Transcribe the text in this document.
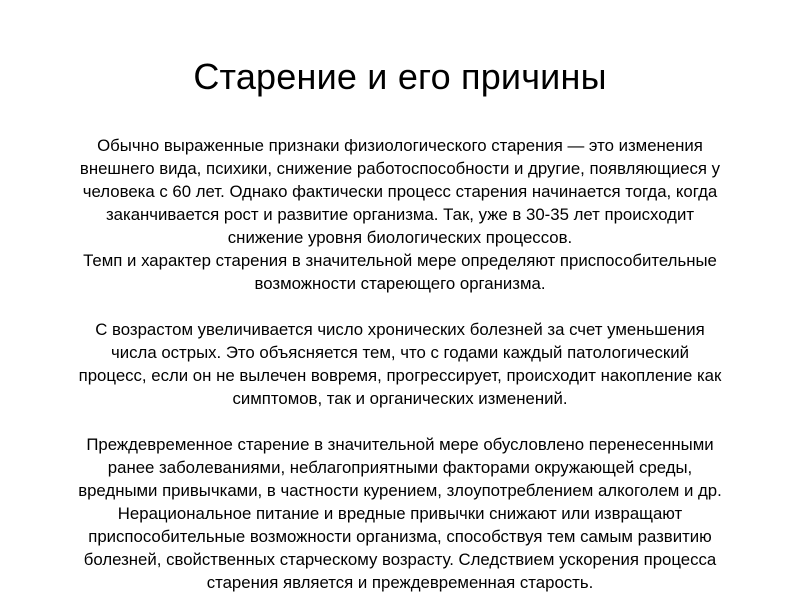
Старение и его причины

Обычно выраженные признаки физиологического старения — это изменения

внешнего вида, психики, снижение работоспособности и другие, появляющиеся у

человека с 60 лет. Однако фактически процесс старения начинается тогда, когда

заканчивается рост и развитие организма. Так, уже в 30-35 лет происходит

снижение уровня биологических процессов.

Темп и характер старения в значительной мере определяют приспособительные

возможности стареющего организма.

С возрастом увеличивается число хронических болезней за счет уменьшения

числа острых. Это объясняется тем, что с годами каждый патологический

процесс, если он не вылечен вовремя, прогрессирует, происходит накопление как

симптомов, так и органических изменений.

Преждевременное старение в значительной мере обусловлено перенесенными

ранее заболеваниями, неблагоприятными факторами окружающей среды,

вредными привычками, в частности курением, злоупотреблением алкоголем и др.

Нерациональное питание и вредные привычки снижают или извращают

приспособительные возможности организма, способствуя тем самым развитию

болезней, свойственных старческому возрасту. Следствием ускорения процесса

старения является и преждевременная старость.
